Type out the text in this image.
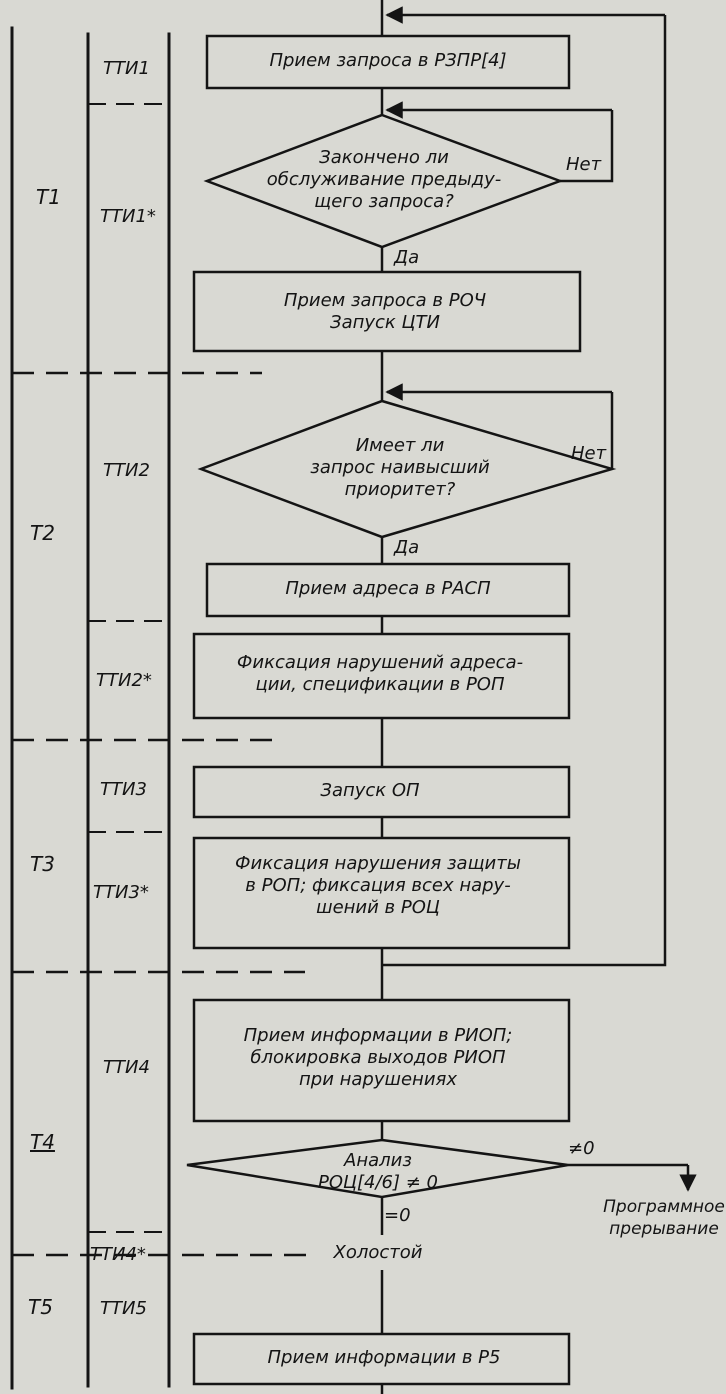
Т1
Т2
Т3
Т4
Т5
ТТИ1
ТТИ1*
ТТИ2
ТТИ2*
ТТИ3
ТТИ3*
ТТИ4
ТТИ4*
ТТИ5
Прием запроса в РЗПР[4]
Закончено ли
обслуживание предыду-
щего запроса?
Прием запроса в РОЧ
Запуск ЦТИ
Имеет ли
запрос наивысший
приоритет?
Прием адреса в РАСП
Фиксация нарушений адреса-
ции, спецификации в РОП
Запуск ОП
Фиксация нарушения защиты
в РОП; фиксация всех нару-
шений в РОЦ
Прием информации в РИОП;
блокировка выходов РИОП
при нарушениях
Анализ
РОЦ[4/6] ≠ 0
Холостой
Прием информации в Р5
Нет
Да
Нет
Да
≠0
=0	Программное
прерывание
